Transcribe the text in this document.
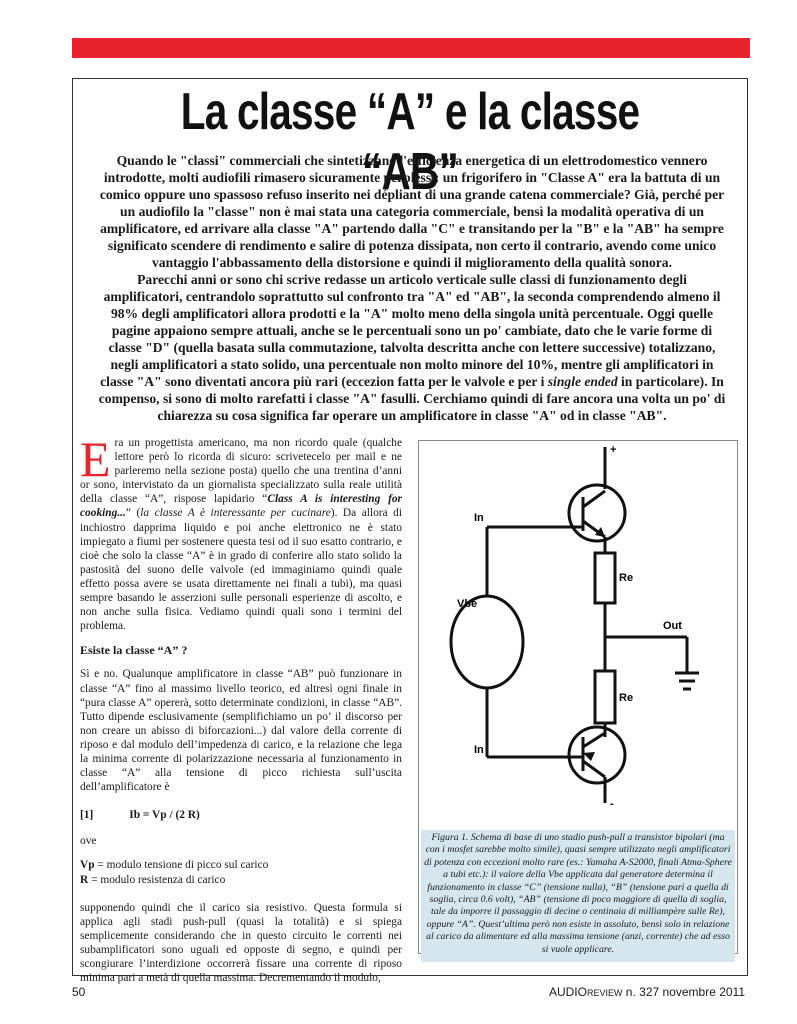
La classe “A” e la classe “AB”
Quando le "classi" commerciali che sintetizzano l'efficienza energetica di un elettrodomestico vennero introdotte, molti audiofili rimasero sicuramente perplessi: un frigorifero in "Classe A" era la battuta di un comico oppure uno spassoso refuso inserito nei dépliant di una grande catena commerciale? Già, perché per un audiofilo la "classe" non è mai stata una categoria commerciale, bensì la modalità operativa di un amplificatore, ed arrivare alla classe "A" partendo dalla "C" e transitando per la "B" e la "AB" ha sempre significato scendere di rendimento e salire di potenza dissipata, non certo il contrario, avendo come unico vantaggio l'abbassamento della distorsione e quindi il miglioramento della qualità sonora.
Parecchi anni or sono chi scrive redasse un articolo verticale sulle classi di funzionamento degli amplificatori, centrandolo soprattutto sul confronto tra "A" ed "AB", la seconda comprendendo almeno il 98% degli amplificatori allora prodotti e la "A" molto meno della singola unità percentuale. Oggi quelle pagine appaiono sempre attuali, anche se le percentuali sono un po' cambiate, dato che le varie forme di classe "D" (quella basata sulla commutazione, talvolta descritta anche con lettere successive) totalizzano, negli amplificatori a stato solido, una percentuale non molto minore del 10%, mentre gli amplificatori in classe "A" sono diventati ancora più rari (eccezion fatta per le valvole e per i single ended in particolare). In compenso, si sono di molto rarefatti i classe "A" fasulli. Cerchiamo quindi di fare ancora una volta un po' di chiarezza su cosa significa far operare un amplificatore in classe "A" od in classe "AB".

Era un progettista americano, ma non ricordo quale (qualche lettore però lo ricorda di sicuro: scrivetecelo per mail e ne parleremo nella sezione posta) quello che una trentina d’anni or sono, intervistato da un giornalista specializzato sulla reale utilità della classe “A”, rispose lapidario “Class A is interesting for cooking...” (la classe A è interessante per cucinare). Da allora di inchiostro dapprima liquido e poi anche elettronico ne è stato impiegato a fiumi per sostenere questa tesi od il suo esatto contrario, e cioè che solo la classe “A” è in grado di conferire allo stato solido la pastosità del suono delle valvole (ed immaginiamo quindi quale effetto possa avere se usata direttamente nei finali a tubi), ma quasi sempre basando le asserzioni sulle personali esperienze di ascolto, e non anche sulla fisica. Vediamo quindi quali sono i termini del problema.

Esiste la classe “A” ?

Sì e no. Qualunque amplificatore in classe “AB” può funzionare in classe “A” fino al massimo livello teorico, ed altresì ogni finale in “pura classe A” opererà, sotto determinate condizioni, in classe “AB”. Tutto dipende esclusivamente (semplifichiamo un po’ il discorso per non creare un abisso di biforcazioni...) dal valore della corrente di riposo e dal modulo dell’impedenza di carico, e la relazione che lega la minima corrente di polarizzazione necessaria al funzionamento in classe “A” alla tensione di picco richiesta sull’uscita dell’amplificatore è

[1]	Ib = Vp / (2 R)

ove

Vp = modulo tensione di picco sul carico
R = modulo resistenza di carico

supponendo quindi che il carico sia resistivo. Questa formula si applica agli stadi push-pull (quasi la totalità) e si spiega semplicemente considerando che in questo circuito le correnti nei subamplificatori sono uguali ed opposte di segno, e quindi per scongiurare l’interdizione occorrerà fissare una corrente di riposo minima pari a metà di quella massima. Decrementando il modulo,

+
In
Re
Vbe
Out
Re
In
-

Figura 1. Schema di base di uno stadio push-pull a transistor bipolari (ma con i mosfet sarebbe molto simile), quasi sempre utilizzato negli amplificatori di potenza con eccezioni molto rare (es.: Yamaha A-S2000, finali Atma-Sphere a tubi etc.): il valore della Vbe applicata dal generatore determina il funzionamento in classe “C” (tensione nulla), “B” (tensione pari a quella di soglia, circa 0.6 volt), “AB” (tensione di poco maggiore di quella di soglia, tale da imporre il passaggio di decine o centinaia di milliampère sulle Re), oppure “A”. Quest’ultima però non esiste in assoluto, bensì solo in relazione al carico da alimentare ed alla massima tensione (anzi, corrente) che ad esso si vuole applicare.

50	AUDIOREVIEW n. 327 novembre 2011
